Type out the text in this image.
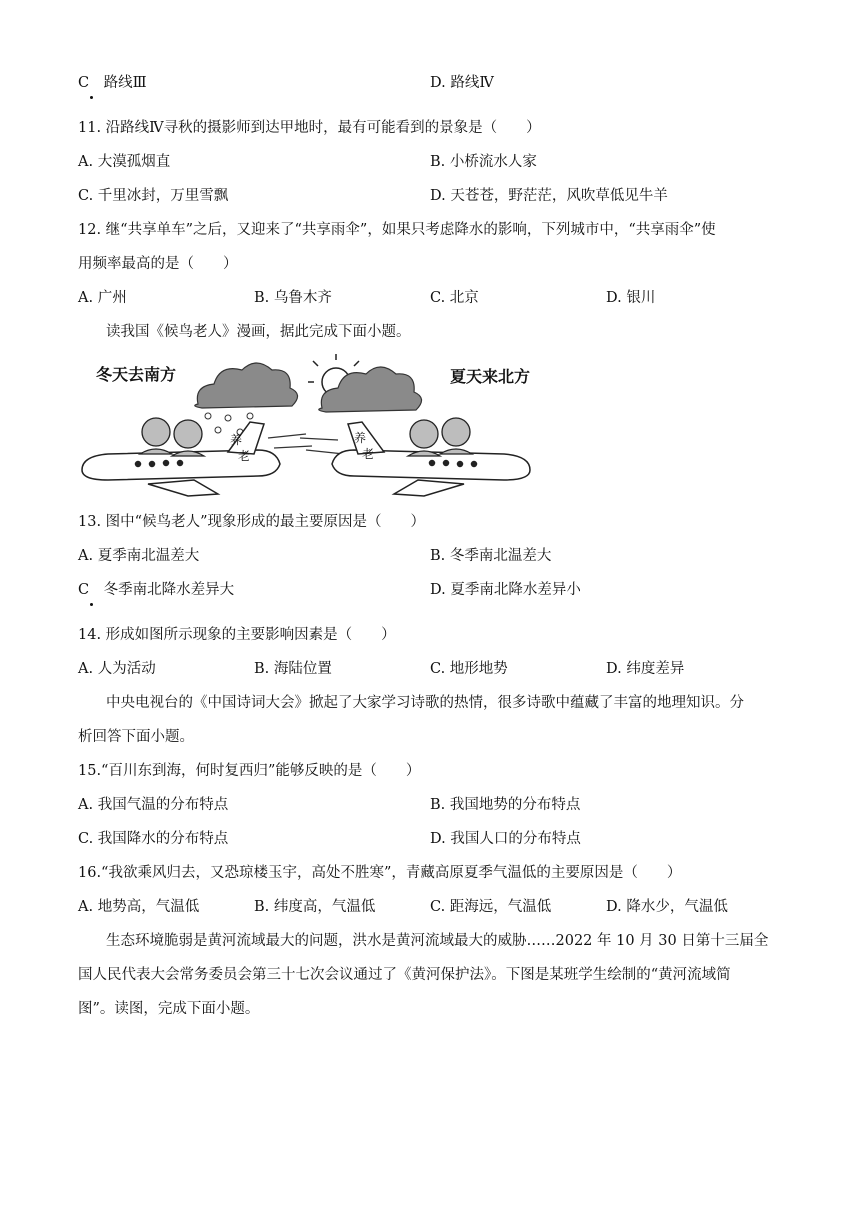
C　路线Ⅲ	D. 路线Ⅳ
11. 沿路线Ⅳ寻秋的摄影师到达甲地时，最有可能看到的景象是（　　）
A. 大漠孤烟直	B. 小桥流水人家
C. 千里冰封，万里雪飘	D. 天苍苍，野茫茫，风吹草低见牛羊
12. 继“共享单车”之后，又迎来了“共享雨伞”，如果只考虑降水的影响，下列城市中，“共享雨伞”使
用频率最高的是（　　）
A. 广州	B. 乌鲁木齐	C. 北京	D. 银川
读我国《候鸟老人》漫画，据此完成下面小题。
冬天去南方	夏天来北方
养
老
养
老
13. 图中“候鸟老人”现象形成的最主要原因是（　　）
A. 夏季南北温差大	B. 冬季南北温差大
C　冬季南北降水差异大	D. 夏季南北降水差异小
14. 形成如图所示现象的主要影响因素是（　　）
A. 人为活动	B. 海陆位置	C. 地形地势	D. 纬度差异
中央电视台的《中国诗词大会》掀起了大家学习诗歌的热情，很多诗歌中蕴藏了丰富的地理知识。分
析回答下面小题。
15.“百川东到海，何时复西归”能够反映的是（　　）
A. 我国气温的分布特点	B. 我国地势的分布特点
C. 我国降水的分布特点	D. 我国人口的分布特点
16.“我欲乘风归去，又恐琼楼玉宇，高处不胜寒”，青藏高原夏季气温低的主要原因是（　　）
A. 地势高，气温低	B. 纬度高，气温低	C. 距海远，气温低	D. 降水少，气温低
生态环境脆弱是黄河流域最大的问题，洪水是黄河流域最大的威胁……2022 年 10 月 30 日第十三届全
国人民代表大会常务委员会第三十七次会议通过了《黄河保护法》。下图是某班学生绘制的“黄河流域简
图”。读图，完成下面小题。
